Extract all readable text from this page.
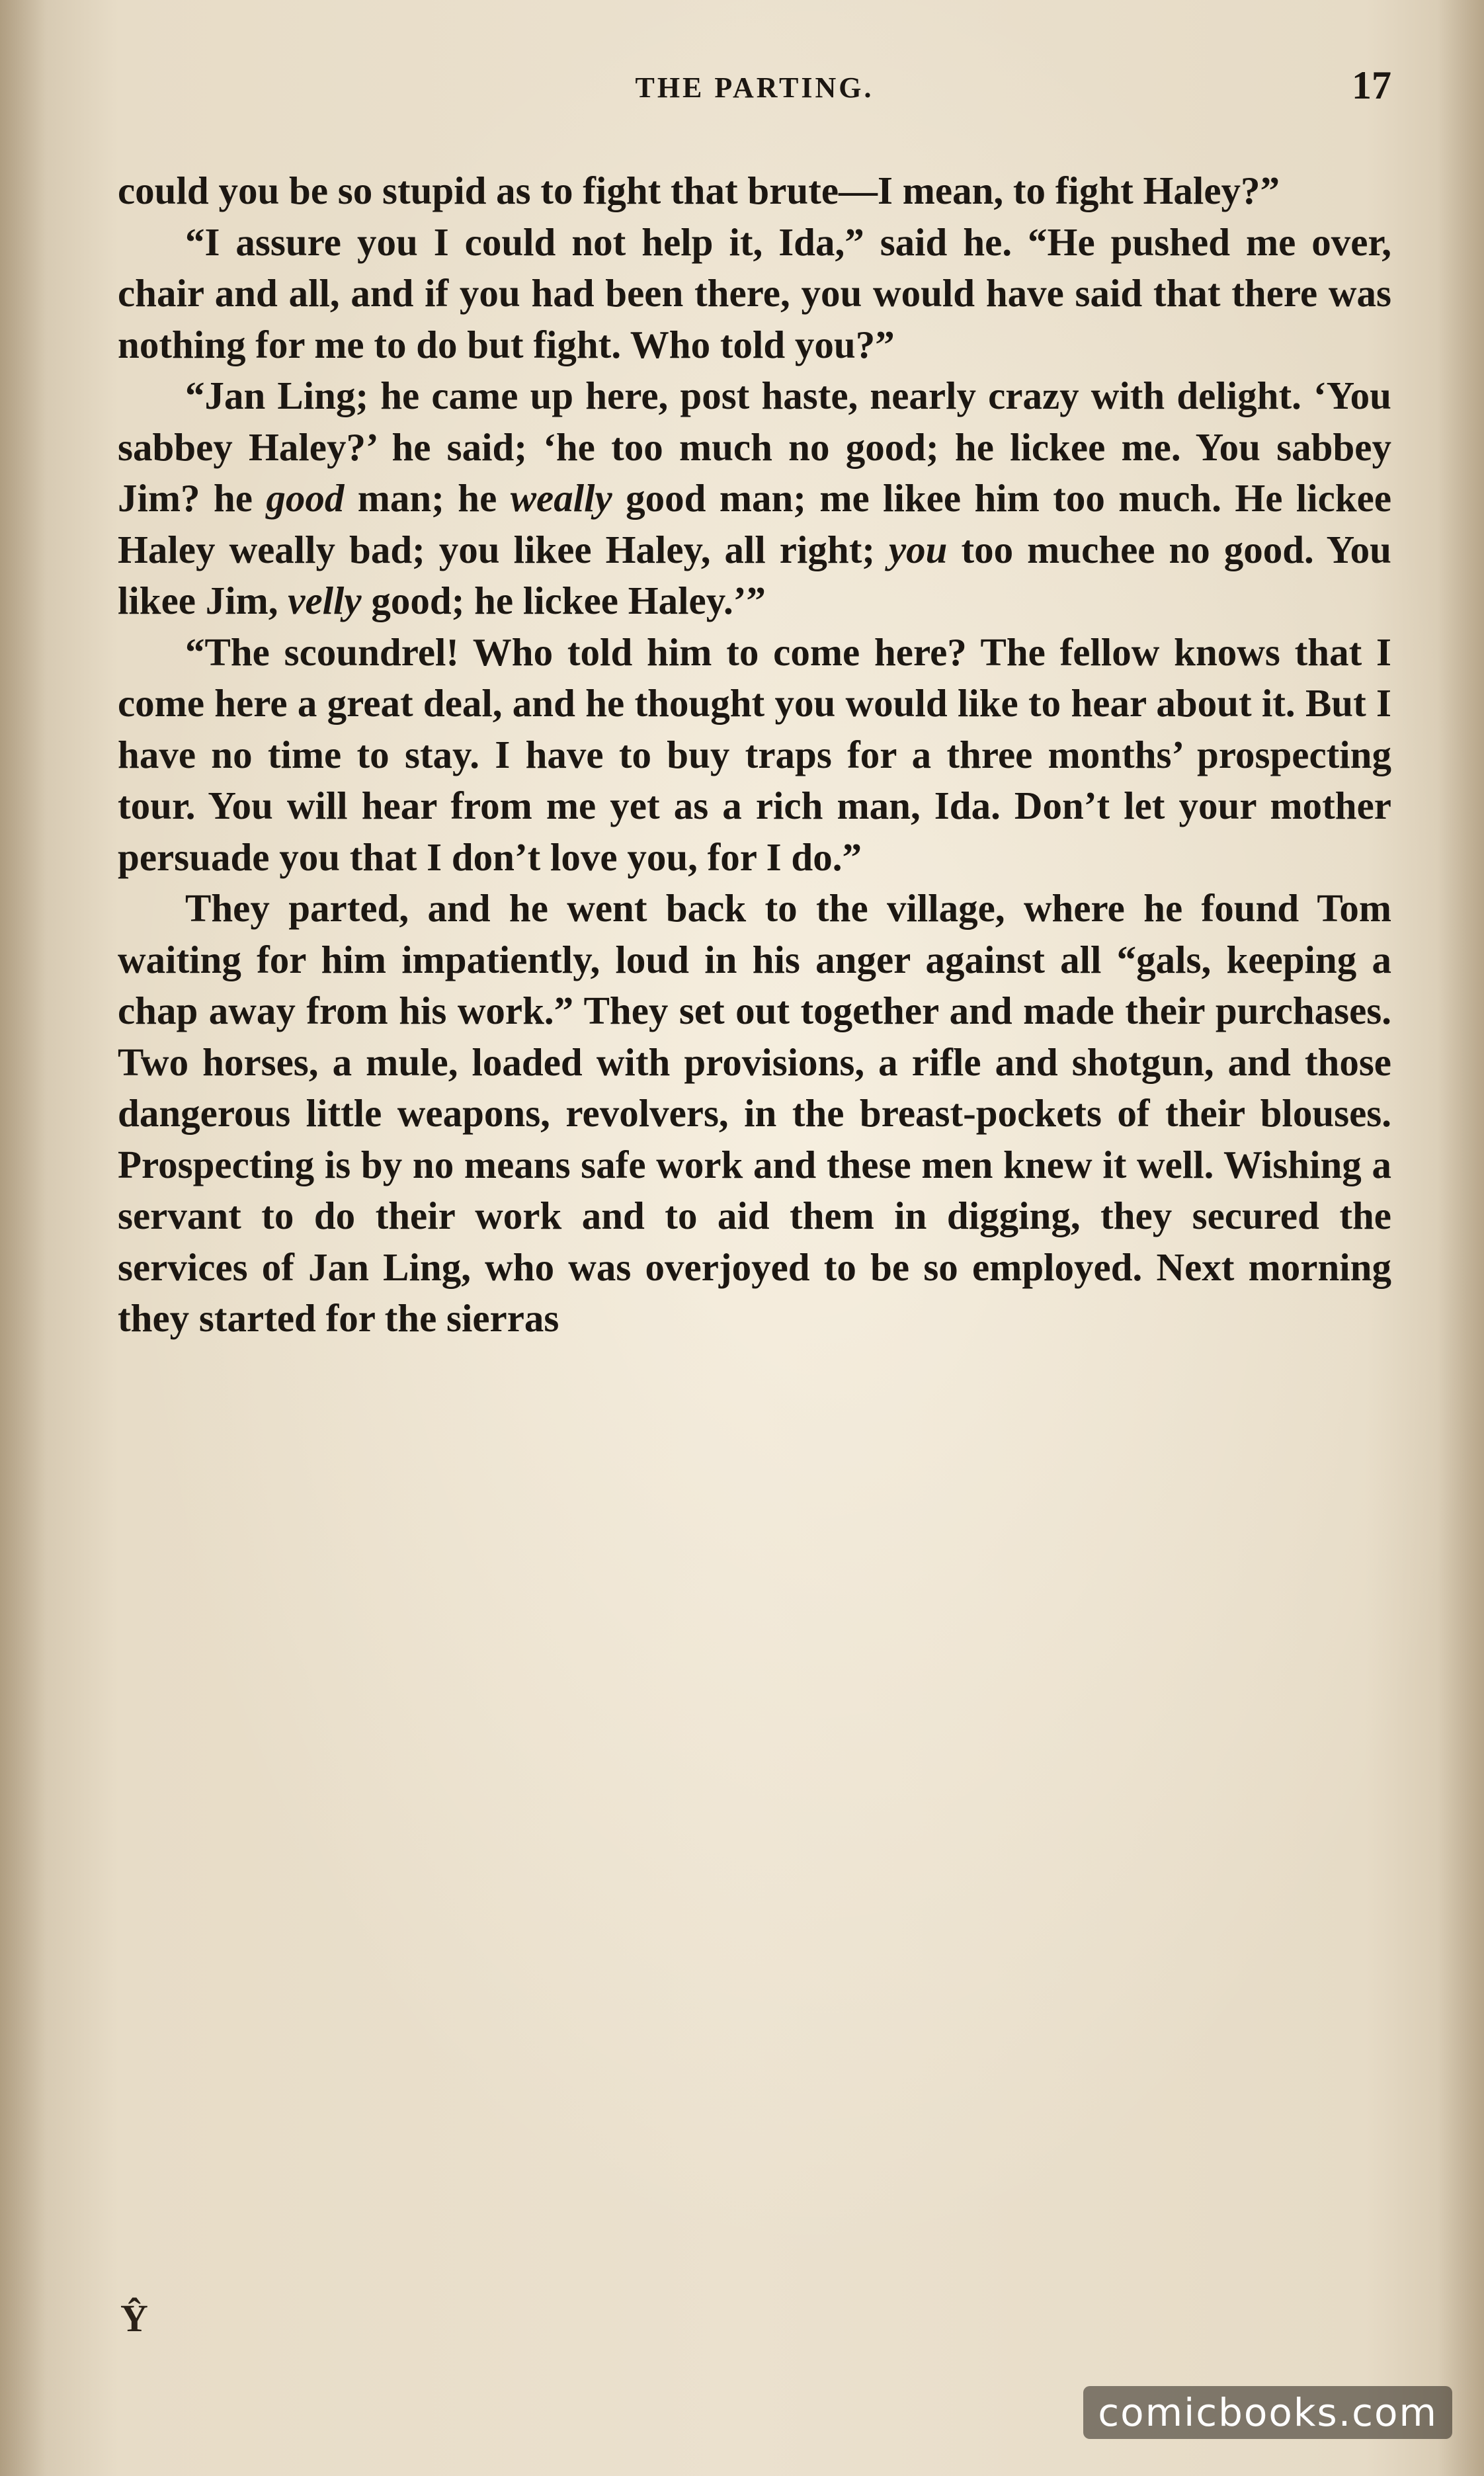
THE PARTING.	17

could you be so stupid as to fight that brute—I mean, to fight Haley?”

“I assure you I could not help it, Ida,” said he. “He pushed me over, chair and all, and if you had been there, you would have said that there was nothing for me to do but fight. Who told you?”

“Jan Ling; he came up here, post haste, nearly crazy with delight. ‘You sabbey Haley?’ he said; ‘he too much no good; he lickee me. You sabbey Jim? he good man; he weally good man; me likee him too much. He lickee Haley weally bad; you likee Haley, all right; you too muchee no good. You likee Jim, velly good; he lickee Haley.’”

“The scoundrel! Who told him to come here? The fellow knows that I come here a great deal, and he thought you would like to hear about it. But I have no time to stay. I have to buy traps for a three months’ prospecting tour. You will hear from me yet as a rich man, Ida. Don’t let your mother persuade you that I don’t love you, for I do.”

They parted, and he went back to the village, where he found Tom waiting for him impatiently, loud in his anger against all “gals, keeping a chap away from his work.” They set out together and made their purchases. Two horses, a mule, loaded with provisions, a rifle and shotgun, and those dangerous little weapons, revolvers, in the breast-pockets of their blouses. Prospecting is by no means safe work and these men knew it well. Wishing a servant to do their work and to aid them in digging, they secured the services of Jan Ling, who was overjoyed to be so employed. Next morning they started for the sierras

Ŷ
comicbooks.com
